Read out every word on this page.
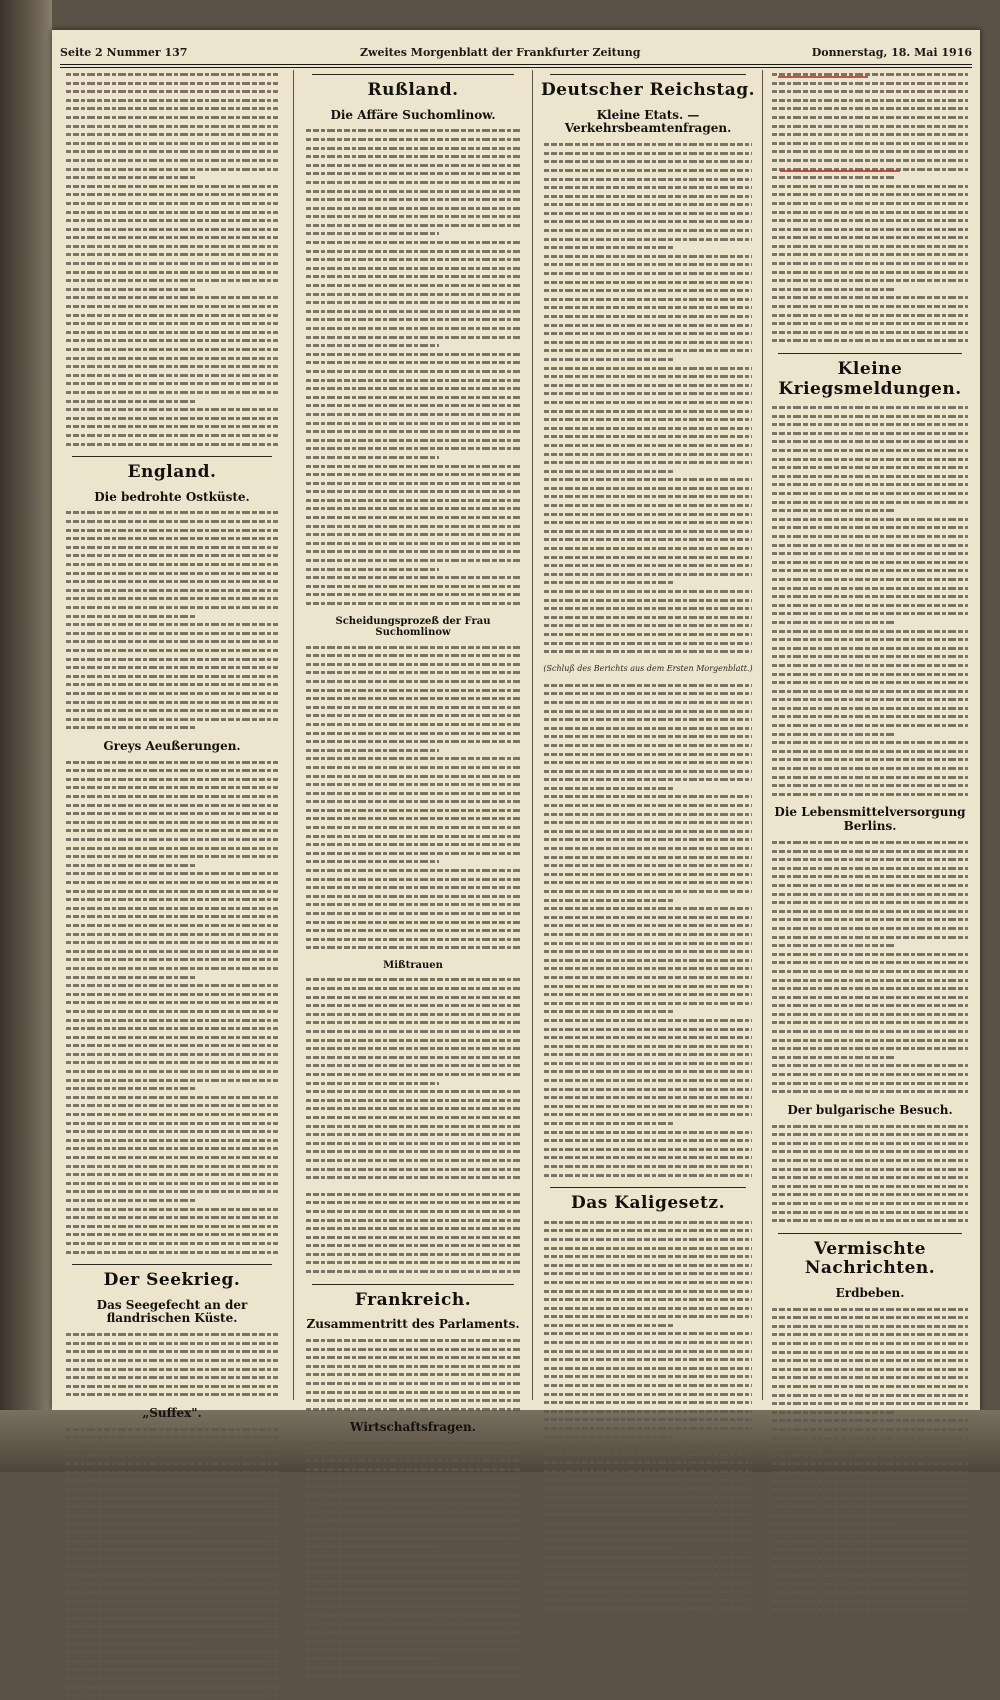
Seite 2 Nummer 137	Zweites Morgenblatt der Frankfurter Zeitung	Donnerstag, 18. Mai 1916
England.
Die bedrohte Ostküste.
Greys Aeußerungen.
Der Seekrieg.
Das Seegefecht an der flandrischen Küste.
„Suffex".
Rußland.
Die Affäre Suchomlinow.
Scheidungsprozeß der Frau Suchomlinow
Mißtrauen
Frankreich.
Zusammentritt des Parlaments.
Wirtschaftsfragen.
Deutscher Reichstag.
Kleine Etats. — Verkehrsbeamtenfragen.
(Schluß des Berichts aus dem Ersten Morgenblatt.)
Das Kaligesetz.
Kleine Kriegsmeldungen.
Die Lebensmittelversorgung Berlins.
Der bulgarische Besuch.
Vermischte Nachrichten.
Erdbeben.
